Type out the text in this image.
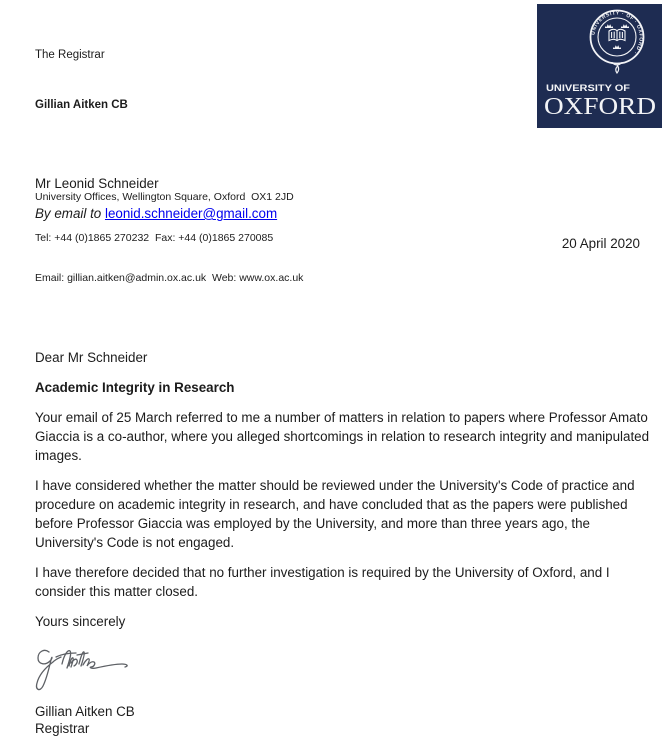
The Registrar

Gillian Aitken CB

University Offices, Wellington Square, Oxford  OX1 2JD

Tel: +44 (0)1865 270232  Fax: +44 (0)1865 270085

Email: gillian.aitken@admin.ox.ac.uk  Web: www.ox.ac.uk

UNIVERSITY · OF · OXFORD ·
UNIVERSITY OF
OXFORD
Mr Leonid Schneider
By email to leonid.schneider@gmail.com
20 April 2020

Dear Mr Schneider

Academic Integrity in Research

Your email of 25 March referred to me a number of matters in relation to papers where Professor Amato Giaccia is a co-author, where you alleged shortcomings in relation to research integrity and manipulated images.

I have considered whether the matter should be reviewed under the University's Code of practice and procedure on academic integrity in research, and have concluded that as the papers were published before Professor Giaccia was employed by the University, and more than three years ago, the University's Code is not engaged.

I have therefore decided that no further investigation is required by the University of Oxford, and I consider this matter closed.

Yours sincerely

Gillian Aitken CB
Registrar
